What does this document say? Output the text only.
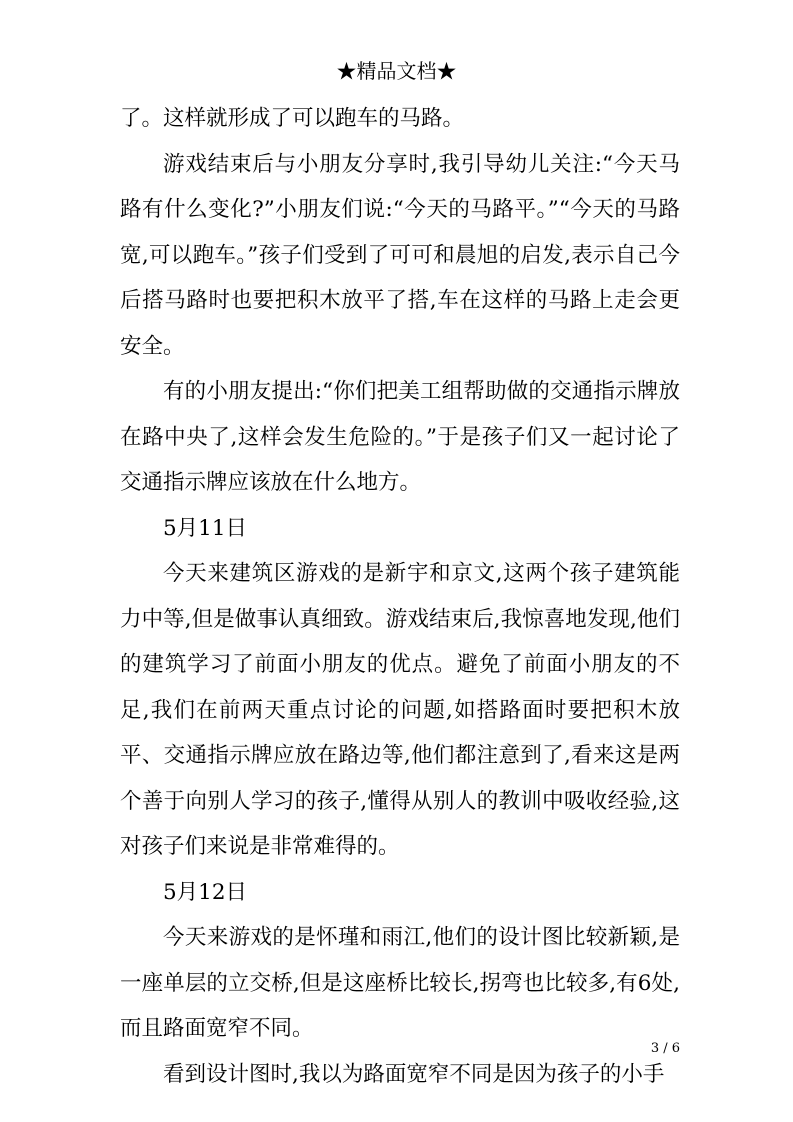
★精品文档★

了。这样就形成了可以跑车的马路。

游戏结束后与小朋友分享时,我引导幼儿关注:“今天马路有什么变化?”小朋友们说:“今天的马路平。”“今天的马路宽,可以跑车。”孩子们受到了可可和晨旭的启发,表示自己今后搭马路时也要把积木放平了搭,车在这样的马路上走会更安全。

有的小朋友提出:“你们把美工组帮助做的交通指示牌放在路中央了,这样会发生危险的。”于是孩子们又一起讨论了交通指示牌应该放在什么地方。

5月11日

今天来建筑区游戏的是新宇和京文,这两个孩子建筑能力中等,但是做事认真细致。游戏结束后,我惊喜地发现,他们的建筑学习了前面小朋友的优点。避免了前面小朋友的不足,我们在前两天重点讨论的问题,如搭路面时要把积木放平、交通指示牌应放在路边等,他们都注意到了,看来这是两个善于向别人学习的孩子,懂得从别人的教训中吸收经验,这对孩子们来说是非常难得的。

5月12日

今天来游戏的是怀瑾和雨江,他们的设计图比较新颖,是一座单层的立交桥,但是这座桥比较长,拐弯也比较多,有6处,而且路面宽窄不同。

看到设计图时,我以为路面宽窄不同是因为孩子的小手

3 / 6
